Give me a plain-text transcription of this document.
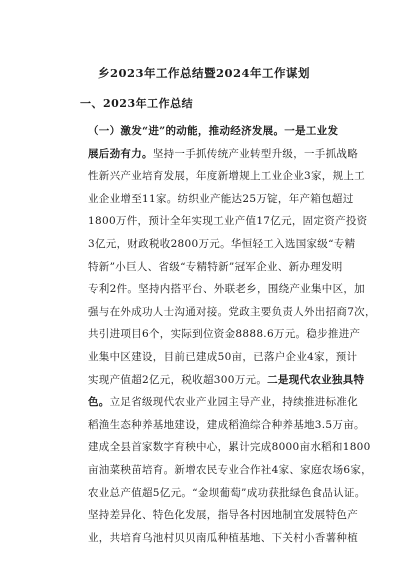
乡2023年工作总结暨2024年工作谋划
一、2023年工作总结
（一）激发“进”的动能，推动经济发展。一是工业发
展后劲有力。坚持一手抓传统产业转型升级，一手抓战略
性新兴产业培育发展，年度新增规上工业企业3家，规上工
业企业增至11家。纺织业产能达25万锭，年产箱包超过
1800万件，预计全年实现工业产值17亿元，固定资产投资
3亿元，财政税收2800万元。华恒轻工入选国家级“专精
特新”小巨人、省级“专精特新”冠军企业、新办理发明
专利2件。坚持内搭平台、外联老乡，围绕产业集中区，加
强与在外成功人士沟通对接。党政主要负责人外出招商7次，
共引进项目6个，实际到位资金8888.6万元。稳步推进产
业集中区建设，目前已建成50亩，已落户企业4家，预计
实现产值超2亿元，税收超300万元。二是现代农业独具特
色。立足省级现代农业产业园主导产业，持续推进标准化
稻渔生态种养基地建设，建成稻渔综合种养基地3.5万亩。
建成全县首家数字育秧中心，累计完成8000亩水稻和1800
亩油菜秧苗培育。新增农民专业合作社4家、家庭农场6家，
农业总产值超5亿元。“金坝葡萄”成功获批绿色食品认证。
坚持差异化、特色化发展，指导各村因地制宜发展特色产
业，共培育乌池村贝贝南瓜种植基地、下关村小香薯种植
